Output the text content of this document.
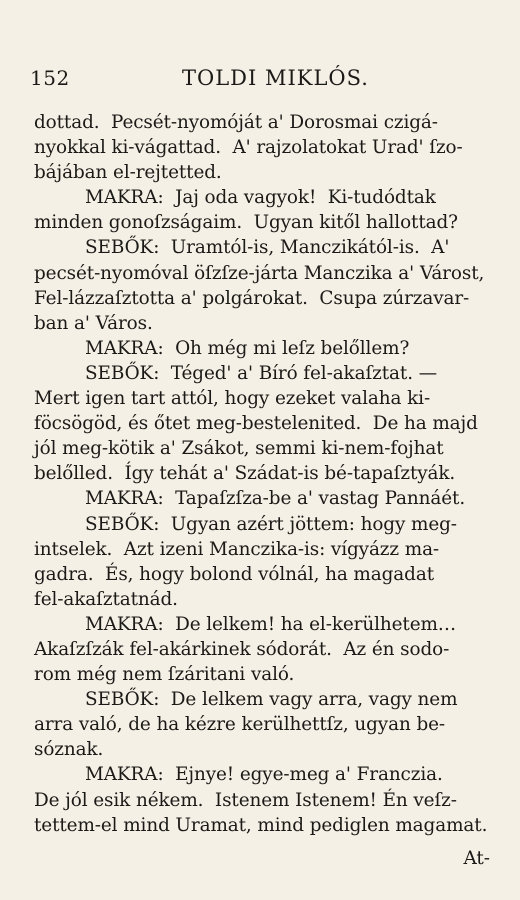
152	TOLDI MIKLÓS.
dottad.  Pecsét-nyomóját a' Dorosmai czigá-
nyokkal ki-vágattad.  A' rajzolatokat Urad' ſzo-
bájában el-rejtetted.
MAKRA:  Jaj oda vagyok!  Ki-tudódtak
minden gonoſzságaim.  Ugyan kitől hallottad?
SEBŐK:  Uramtól-is, Manczikától-is.  A'
pecsét-nyomóval öſzſze-járta Manczika a' Várost,
Fel-lázzaſztotta a' polgárokat.  Csupa zúrzavar-
ban a' Város.
MAKRA:  Oh még mi leſz belőllem?
SEBŐK:  Téged' a' Bíró fel-akaſztat. —
Mert igen tart attól, hogy ezeket valaha ki-
föcsögöd, és őtet meg-bestelenited.  De ha majd
jól meg-kötik a' Zsákot, semmi ki-nem-fojhat
belőlled.  Így tehát a' Szádat-is bé-tapaſztyák.
MAKRA:  Tapaſzſza-be a' vastag Pannáét.
SEBŐK:  Ugyan azért jöttem: hogy meg-
intselek.  Azt izeni Manczika-is: vígyázz ma-
gadra.  És, hogy bolond vólnál, ha magadat
fel-akaſztatnád.
MAKRA:  De lelkem! ha el-kerülhetem…
Akaſzſzák fel-akárkinek sódorát.  Az én sodo-
rom még nem ſzáritani való.
SEBŐK:  De lelkem vagy arra, vagy nem
arra való, de ha kézre kerülhettſz, ugyan be-
sóznak.
MAKRA:  Ejnye! egye-meg a' Franczia.
De jól esik nékem.  Istenem Istenem! Én veſz-
tettem-el mind Uramat, mind pediglen magamat.
At-
